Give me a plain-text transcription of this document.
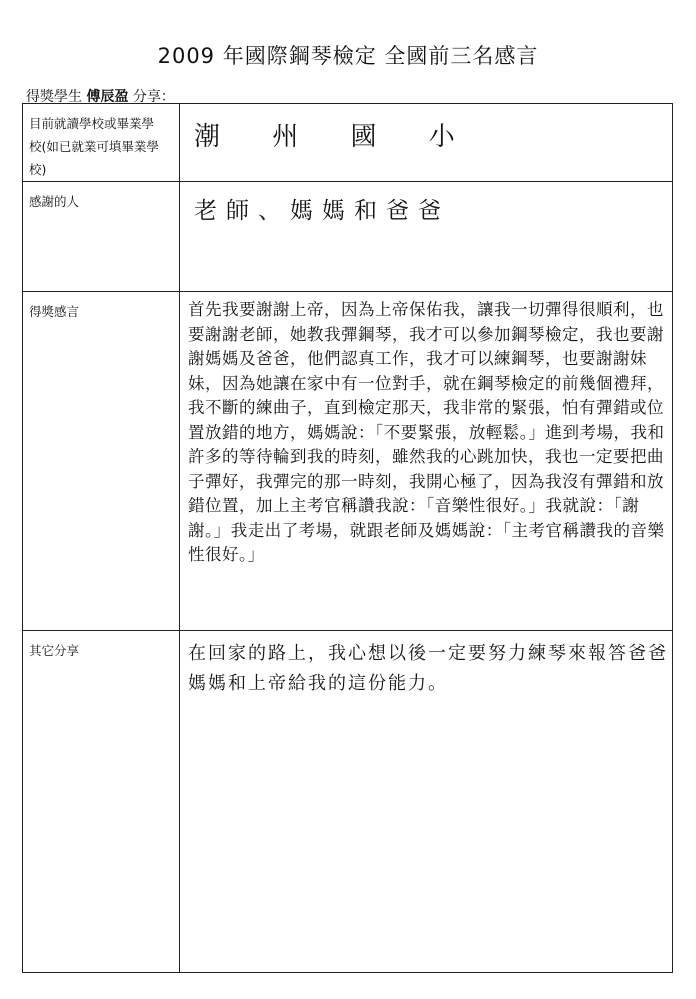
2009 年國際鋼琴檢定 全國前三名感言
得獎學生 傅辰盈 分享：
目前就讀學校或畢業學校(如已就業可填畢業學校)	潮 州 國 小

感謝的人	老師、媽媽和爸爸

得獎感言	首先我要謝謝上帝，因為上帝保佑我，讓我一切彈得很順利，也要謝謝老師，她教我彈鋼琴，我才可以參加鋼琴檢定，我也要謝謝媽媽及爸爸，他們認真工作，我才可以練鋼琴，也要謝謝妹妹，因為她讓在家中有一位對手，就在鋼琴檢定的前幾個禮拜，我不斷的練曲子，直到檢定那天，我非常的緊張，怕有彈錯或位置放錯的地方，媽媽說：「不要緊張，放輕鬆。」進到考場，我和許多的等待輪到我的時刻，雖然我的心跳加快，我也一定要把曲子彈好，我彈完的那一時刻，我開心極了，因為我沒有彈錯和放錯位置，加上主考官稱讚我說：「音樂性很好。」我就說：「謝謝。」我走出了考場，就跟老師及媽媽說：「主考官稱讚我的音樂性很好。」

其它分享	在回家的路上，我心想以後一定要努力練琴來報答爸爸媽媽和上帝給我的這份能力。
